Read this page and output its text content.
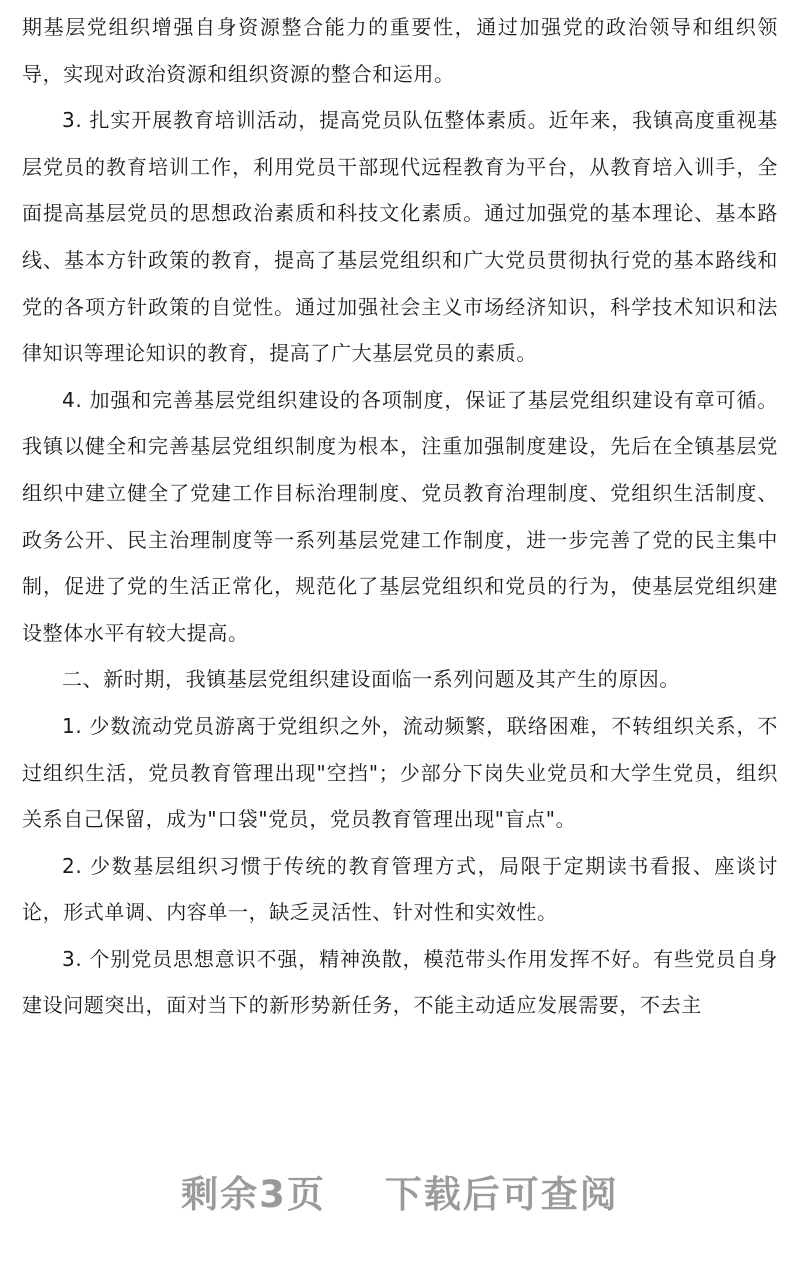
期基层党组织增强自身资源整合能力的重要性，通过加强党的政治领导和组织领导，实现对政治资源和组织资源的整合和运用。

3. 扎实开展教育培训活动，提高党员队伍整体素质。近年来，我镇高度重视基层党员的教育培训工作，利用党员干部现代远程教育为平台，从教育培入训手，全面提高基层党员的思想政治素质和科技文化素质。通过加强党的基本理论、基本路线、基本方针政策的教育，提高了基层党组织和广大党员贯彻执行党的基本路线和党的各项方针政策的自觉性。通过加强社会主义市场经济知识，科学技术知识和法律知识等理论知识的教育，提高了广大基层党员的素质。

4. 加强和完善基层党组织建设的各项制度，保证了基层党组织建设有章可循。我镇以健全和完善基层党组织制度为根本，注重加强制度建设，先后在全镇基层党组织中建立健全了党建工作目标治理制度、党员教育治理制度、党组织生活制度、政务公开、民主治理制度等一系列基层党建工作制度，进一步完善了党的民主集中制，促进了党的生活正常化，规范化了基层党组织和党员的行为，使基层党组织建设整体水平有较大提高。

二、新时期，我镇基层党组织建设面临一系列问题及其产生的原因。

1. 少数流动党员游离于党组织之外，流动频繁，联络困难，不转组织关系，不过组织生活，党员教育管理出现"空挡"；少部分下岗失业党员和大学生党员，组织关系自己保留，成为"口袋"党员，党员教育管理出现"盲点"。

2. 少数基层组织习惯于传统的教育管理方式，局限于定期读书看报、座谈讨论，形式单调、内容单一，缺乏灵活性、针对性和实效性。

3. 个别党员思想意识不强，精神涣散，模范带头作用发挥不好。有些党员自身建设问题突出，面对当下的新形势新任务，不能主动适应发展需要，不去主

剩余3页 下载后可查阅
